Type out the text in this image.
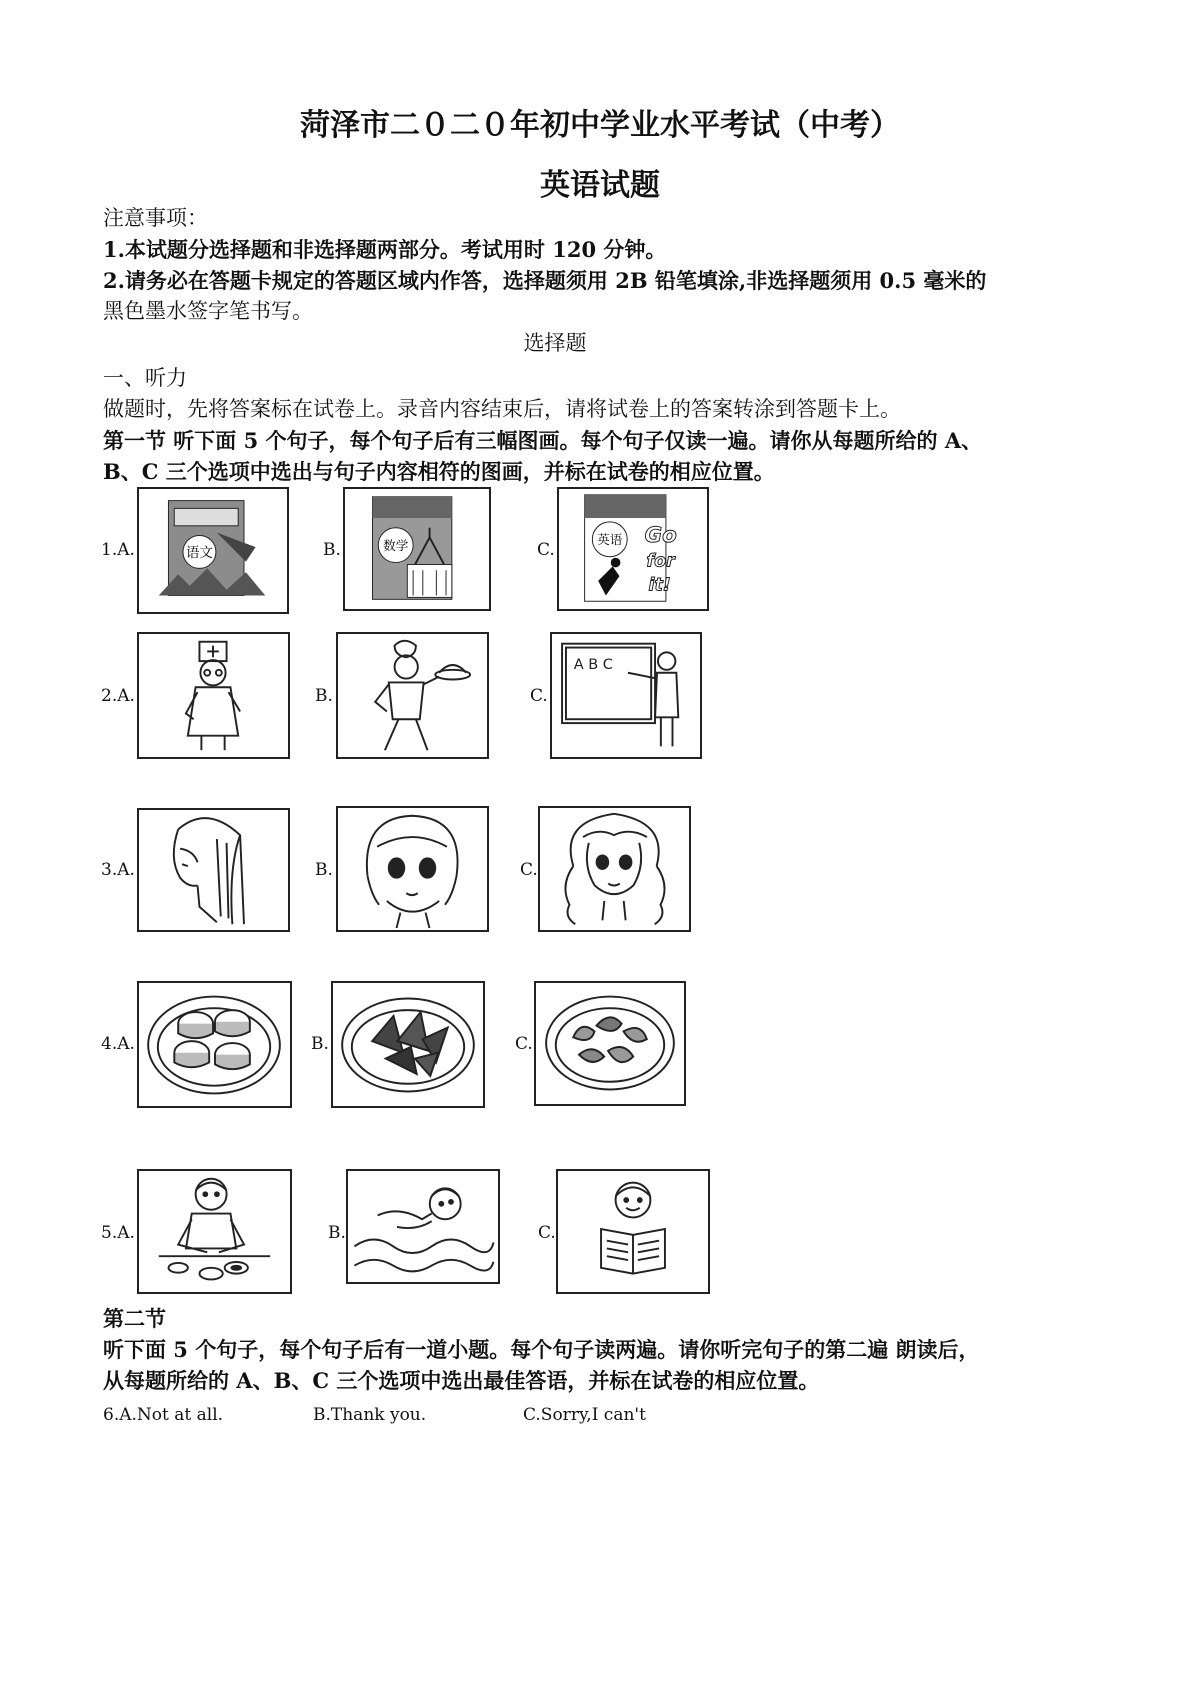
菏泽市二０二０年初中学业水平考试（中考）
英语试题
注意事项：
1.本试题分选择题和非选择题两部分。考试用时 120 分钟。
2.请务必在答题卡规定的答题区域内作答，选择题须用 2B 铅笔填涂,非选择题须用 0.5 毫米的
黑色墨水签字笔书写。
选择题
一、听力
做题时，先将答案标在试卷上。录音内容结束后，请将试卷上的答案转涂到答题卡上。
第一节 听下面 5 个句子，每个句子后有三幅图画。每个句子仅读一遍。请你从每题所给的 A、
B、C 三个选项中选出与句子内容相符的图画，并标在试卷的相应位置。
1.A.	语文	B.	数学	C.
英语 Go
for
it!
2.A.	B.	C.
A B C
3.A.	B.	C.
4.A.	B.	C.
5.A.	B.	C.
第二节
听下面 5 个句子，每个句子后有一道小题。每个句子读两遍。请你听完句子的第二遍 朗读后，
从每题所给的 A、B、C 三个选项中选出最佳答语，并标在试卷的相应位置。
6.A.Not at all.	B.Thank you.	C.Sorry,I can't
